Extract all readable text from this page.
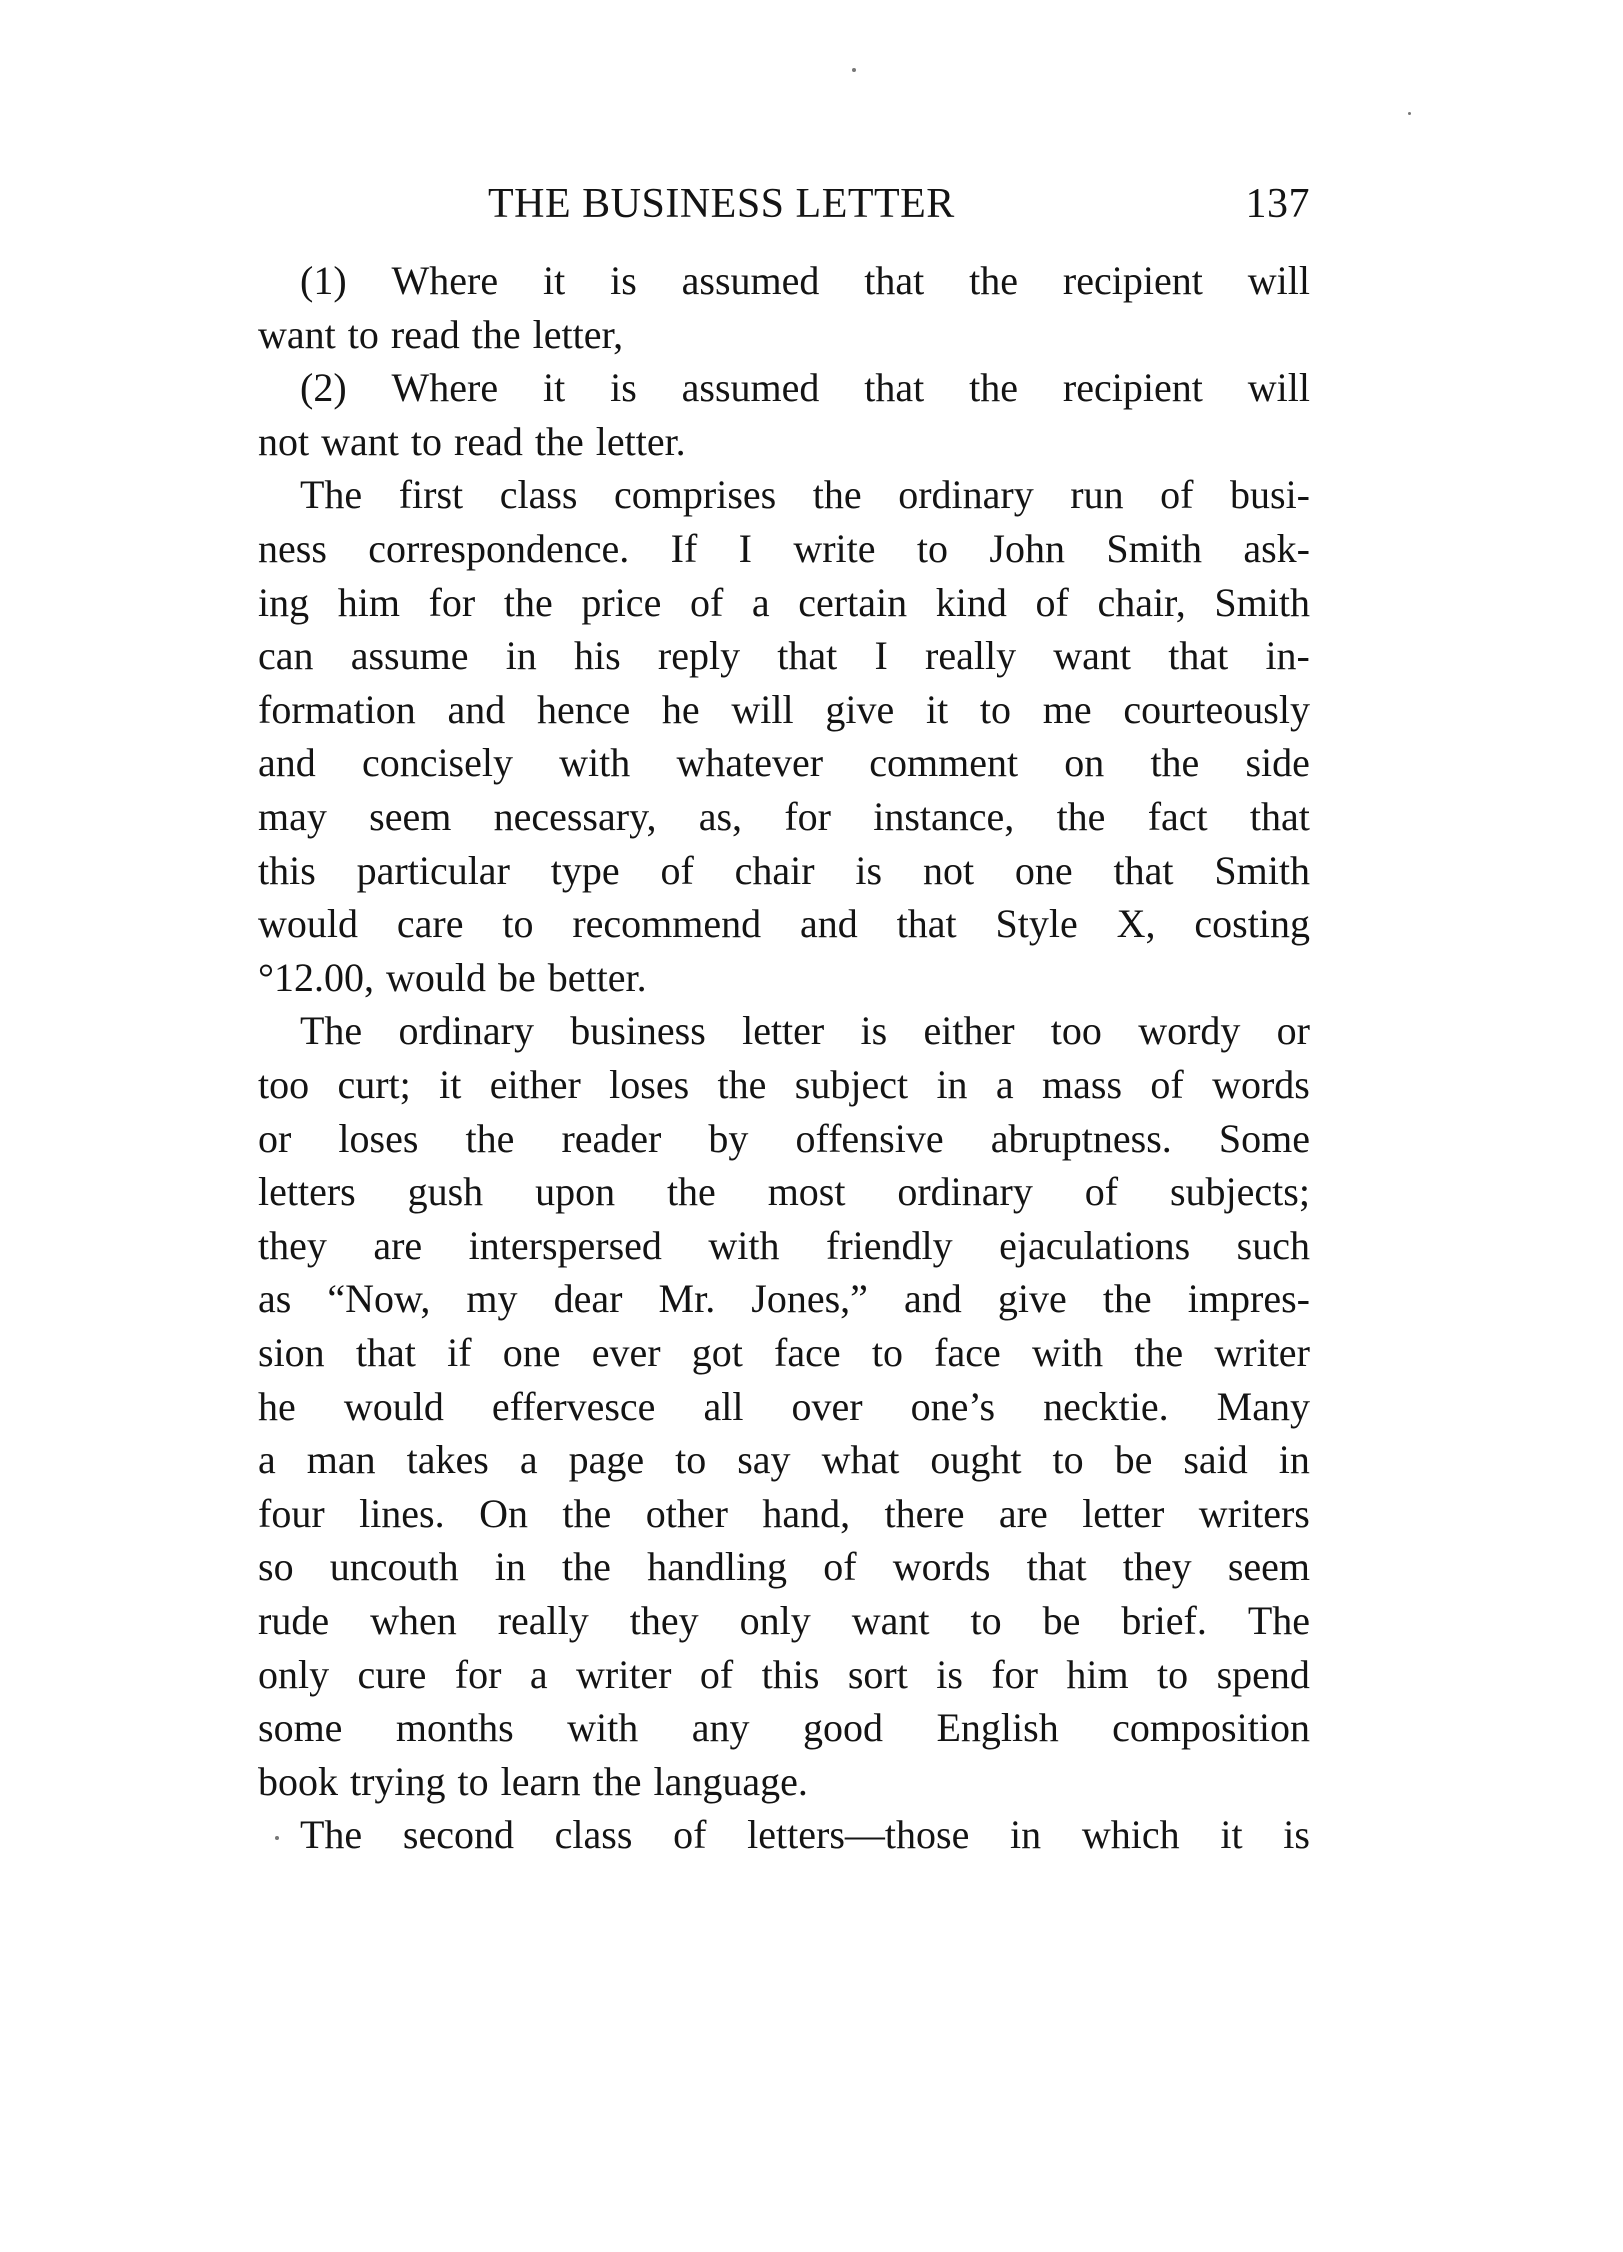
THE BUSINESS LETTER	137
(1) Where it is assumed that the recipient will
want to read the letter,
(2) Where it is assumed that the recipient will
not want to read the letter.
The first class comprises the ordinary run of busi-
ness correspondence. If I write to John Smith ask-
ing him for the price of a certain kind of chair, Smith
can assume in his reply that I really want that in-
formation and hence he will give it to me courteously
and concisely with whatever comment on the side
may seem necessary, as, for instance, the fact that
this particular type of chair is not one that Smith
would care to recommend and that Style X, costing
°12.00, would be better.
The ordinary business letter is either too wordy or
too curt; it either loses the subject in a mass of words
or loses the reader by offensive abruptness. Some
letters gush upon the most ordinary of subjects;
they are interspersed with friendly ejaculations such
as “Now, my dear Mr. Jones,” and give the impres-
sion that if one ever got face to face with the writer
he would effervesce all over one’s necktie. Many
a man takes a page to say what ought to be said in
four lines. On the other hand, there are letter writers
so uncouth in the handling of words that they seem
rude when really they only want to be brief. The
only cure for a writer of this sort is for him to spend
some months with any good English composition
book trying to learn the language.
The second class of letters—those in which it is
